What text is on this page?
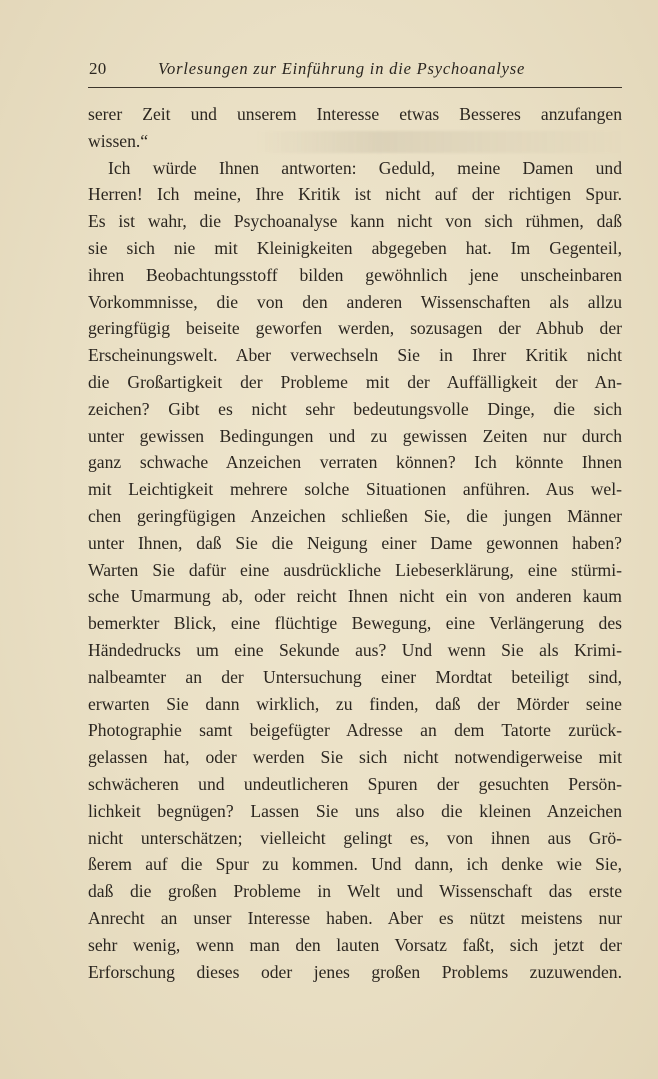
20	Vorlesungen zur Einführung in die Psychoanalyse
serer Zeit und unserem Interesse etwas Besseres anzufangen
wissen.“
Ich würde Ihnen antworten: Geduld, meine Damen und
Herren! Ich meine, Ihre Kritik ist nicht auf der richtigen Spur.
Es ist wahr, die Psychoanalyse kann nicht von sich rühmen, daß
sie sich nie mit Kleinigkeiten abgegeben hat. Im Gegenteil,
ihren Beobachtungsstoff bilden gewöhnlich jene unscheinbaren
Vorkommnisse, die von den anderen Wissenschaften als allzu
geringfügig beiseite geworfen werden, sozusagen der Abhub der
Erscheinungswelt. Aber verwechseln Sie in Ihrer Kritik nicht
die Großartigkeit der Probleme mit der Auffälligkeit der An-
zeichen? Gibt es nicht sehr bedeutungsvolle Dinge, die sich
unter gewissen Bedingungen und zu gewissen Zeiten nur durch
ganz schwache Anzeichen verraten können? Ich könnte Ihnen
mit Leichtigkeit mehrere solche Situationen anführen. Aus wel-
chen geringfügigen Anzeichen schließen Sie, die jungen Männer
unter Ihnen, daß Sie die Neigung einer Dame gewonnen haben?
Warten Sie dafür eine ausdrückliche Liebeserklärung, eine stürmi-
sche Umarmung ab, oder reicht Ihnen nicht ein von anderen kaum
bemerkter Blick, eine flüchtige Bewegung, eine Verlängerung des
Händedrucks um eine Sekunde aus? Und wenn Sie als Krimi-
nalbeamter an der Untersuchung einer Mordtat beteiligt sind,
erwarten Sie dann wirklich, zu finden, daß der Mörder seine
Photographie samt beigefügter Adresse an dem Tatorte zurück-
gelassen hat, oder werden Sie sich nicht notwendigerweise mit
schwächeren und undeutlicheren Spuren der gesuchten Persön-
lichkeit begnügen? Lassen Sie uns also die kleinen Anzeichen
nicht unterschätzen; vielleicht gelingt es, von ihnen aus Grö-
ßerem auf die Spur zu kommen. Und dann, ich denke wie Sie,
daß die großen Probleme in Welt und Wissenschaft das erste
Anrecht an unser Interesse haben. Aber es nützt meistens nur
sehr wenig, wenn man den lauten Vorsatz faßt, sich jetzt der
Erforschung dieses oder jenes großen Problems zuzuwenden.
